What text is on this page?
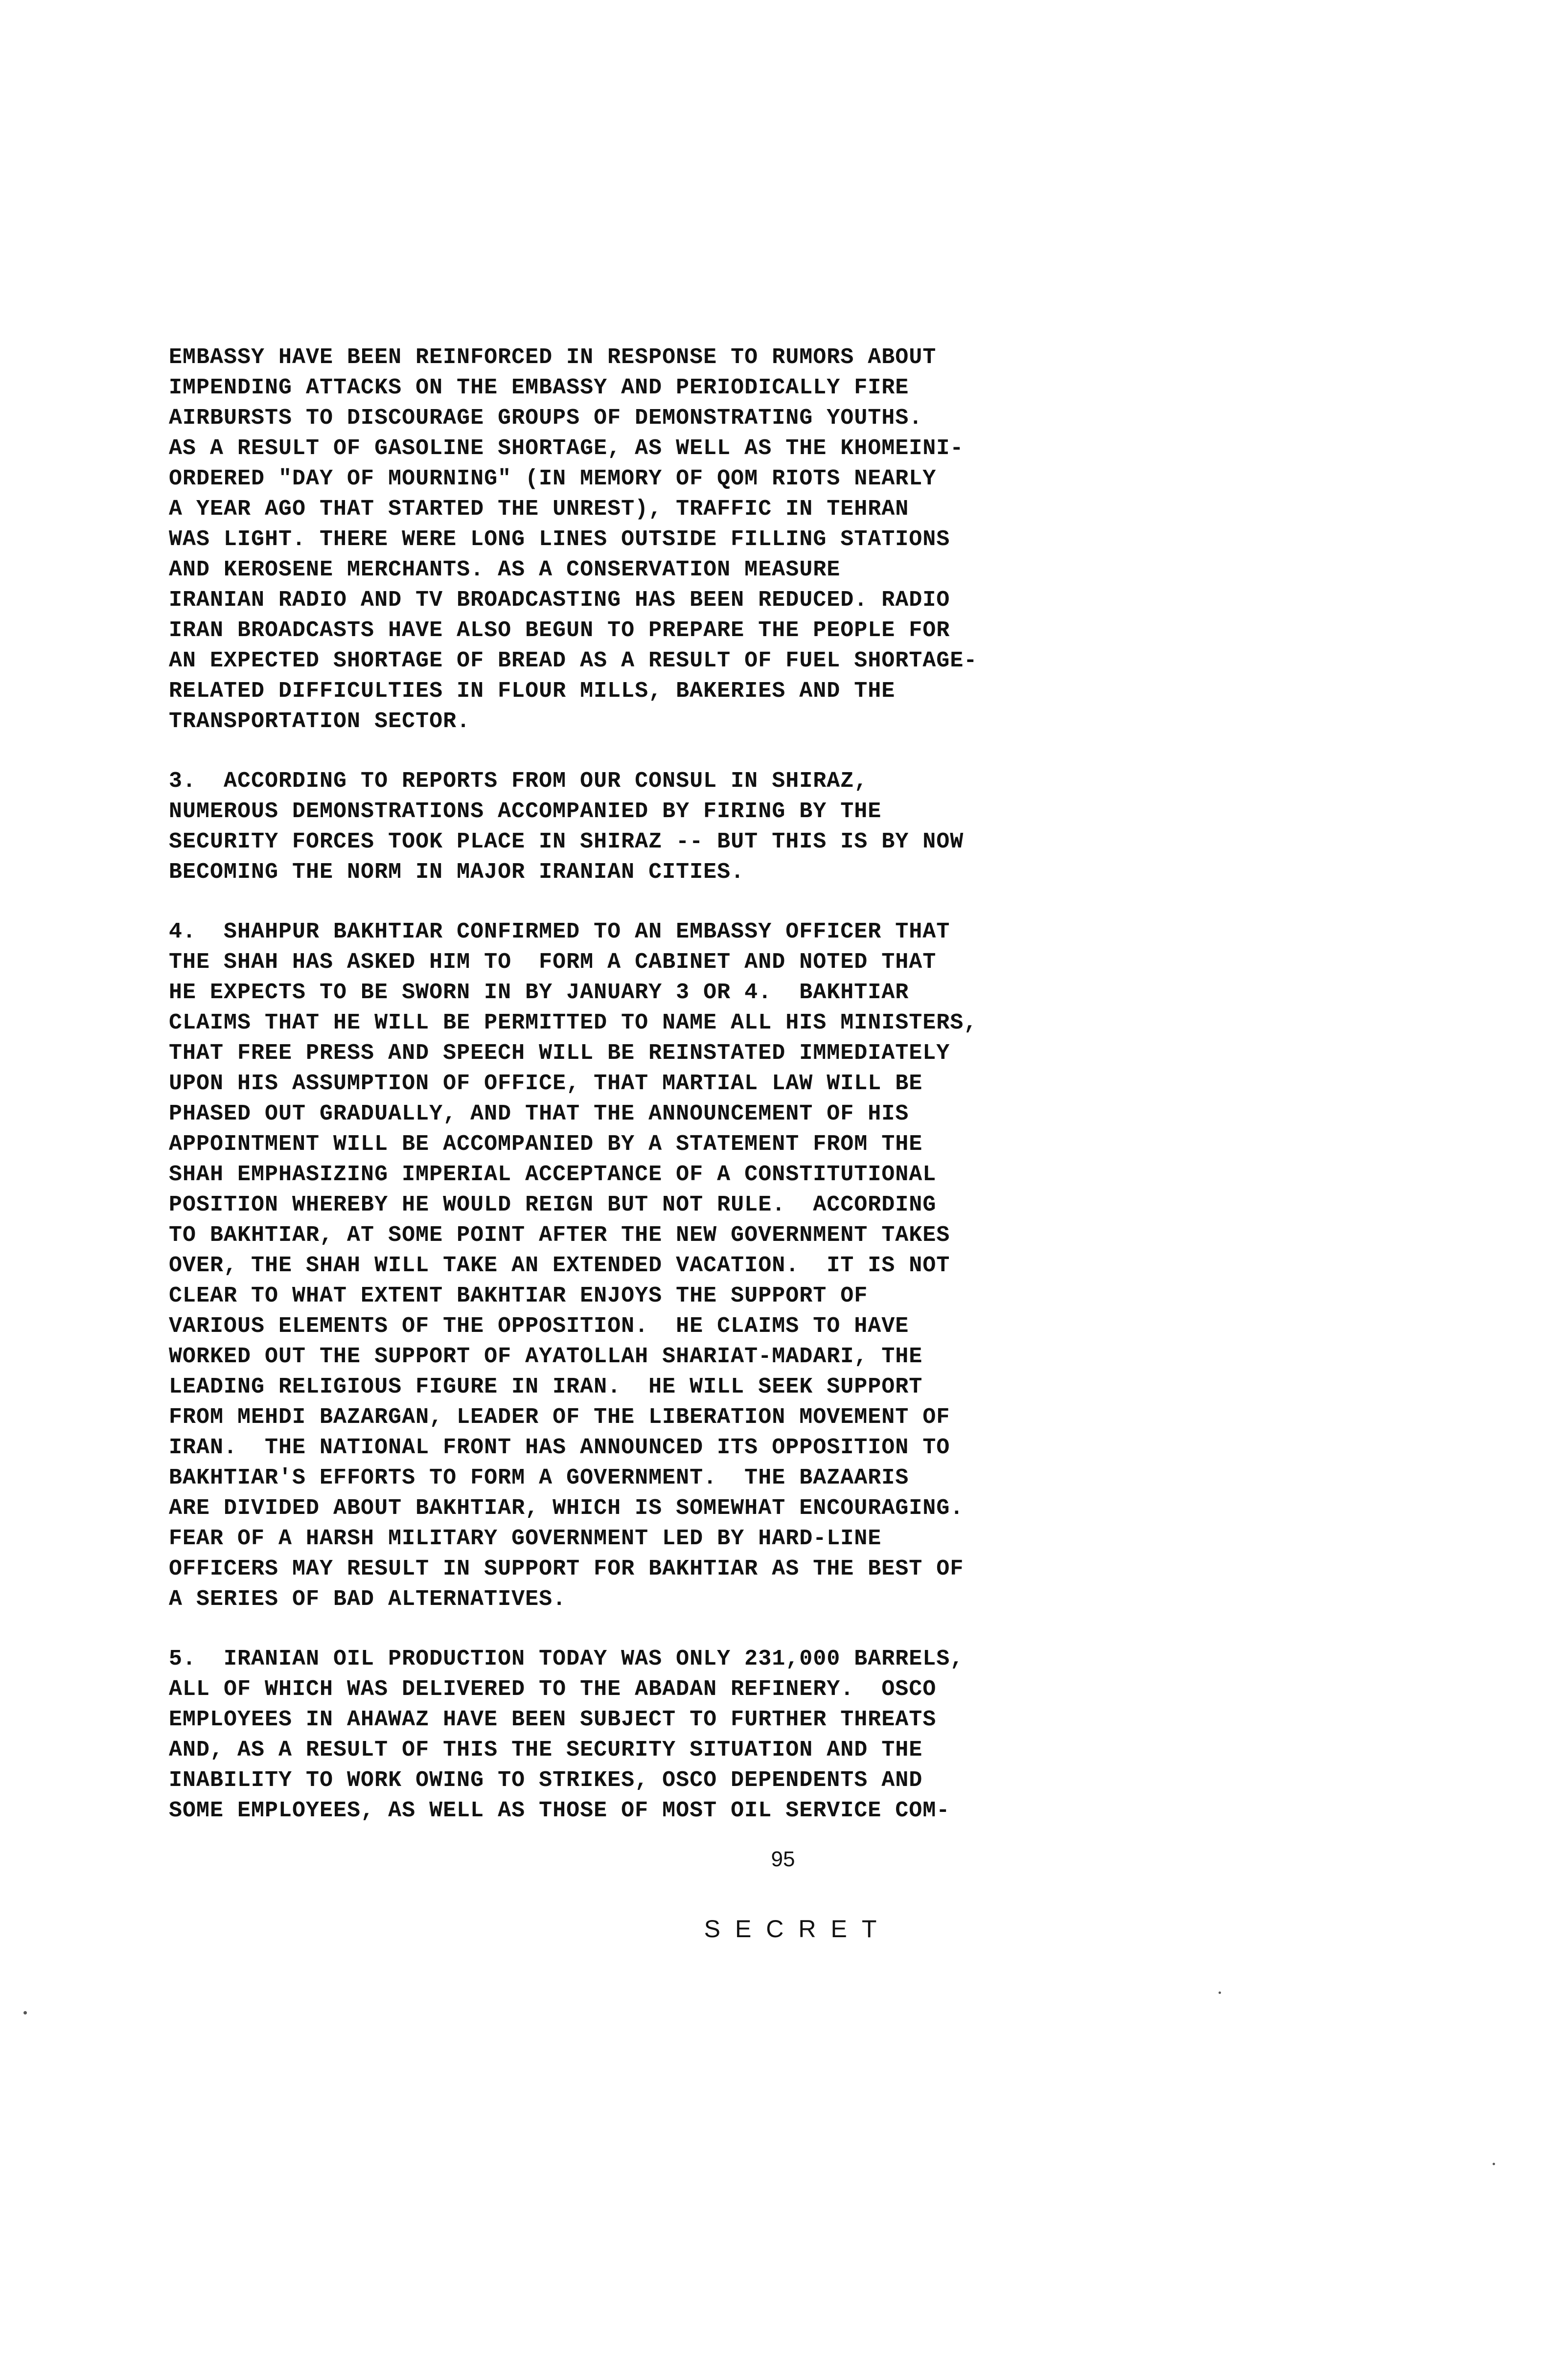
EMBASSY HAVE BEEN REINFORCED IN RESPONSE TO RUMORS ABOUT
IMPENDING ATTACKS ON THE EMBASSY AND PERIODICALLY FIRE
AIRBURSTS TO DISCOURAGE GROUPS OF DEMONSTRATING YOUTHS.
AS A RESULT OF GASOLINE SHORTAGE, AS WELL AS THE KHOMEINI-
ORDERED "DAY OF MOURNING" (IN MEMORY OF QOM RIOTS NEARLY
A YEAR AGO THAT STARTED THE UNREST), TRAFFIC IN TEHRAN
WAS LIGHT. THERE WERE LONG LINES OUTSIDE FILLING STATIONS
AND KEROSENE MERCHANTS. AS A CONSERVATION MEASURE
IRANIAN RADIO AND TV BROADCASTING HAS BEEN REDUCED. RADIO
IRAN BROADCASTS HAVE ALSO BEGUN TO PREPARE THE PEOPLE FOR
AN EXPECTED SHORTAGE OF BREAD AS A RESULT OF FUEL SHORTAGE-
RELATED DIFFICULTIES IN FLOUR MILLS, BAKERIES AND THE
TRANSPORTATION SECTOR.
3.  ACCORDING TO REPORTS FROM OUR CONSUL IN SHIRAZ,
NUMEROUS DEMONSTRATIONS ACCOMPANIED BY FIRING BY THE
SECURITY FORCES TOOK PLACE IN SHIRAZ -- BUT THIS IS BY NOW
BECOMING THE NORM IN MAJOR IRANIAN CITIES.
4.  SHAHPUR BAKHTIAR CONFIRMED TO AN EMBASSY OFFICER THAT
THE SHAH HAS ASKED HIM TO  FORM A CABINET AND NOTED THAT
HE EXPECTS TO BE SWORN IN BY JANUARY 3 OR 4.  BAKHTIAR
CLAIMS THAT HE WILL BE PERMITTED TO NAME ALL HIS MINISTERS,
THAT FREE PRESS AND SPEECH WILL BE REINSTATED IMMEDIATELY
UPON HIS ASSUMPTION OF OFFICE, THAT MARTIAL LAW WILL BE
PHASED OUT GRADUALLY, AND THAT THE ANNOUNCEMENT OF HIS
APPOINTMENT WILL BE ACCOMPANIED BY A STATEMENT FROM THE
SHAH EMPHASIZING IMPERIAL ACCEPTANCE OF A CONSTITUTIONAL
POSITION WHEREBY HE WOULD REIGN BUT NOT RULE.  ACCORDING
TO BAKHTIAR, AT SOME POINT AFTER THE NEW GOVERNMENT TAKES
OVER, THE SHAH WILL TAKE AN EXTENDED VACATION.  IT IS NOT
CLEAR TO WHAT EXTENT BAKHTIAR ENJOYS THE SUPPORT OF
VARIOUS ELEMENTS OF THE OPPOSITION.  HE CLAIMS TO HAVE
WORKED OUT THE SUPPORT OF AYATOLLAH SHARIAT-MADARI, THE
LEADING RELIGIOUS FIGURE IN IRAN.  HE WILL SEEK SUPPORT
FROM MEHDI BAZARGAN, LEADER OF THE LIBERATION MOVEMENT OF
IRAN.  THE NATIONAL FRONT HAS ANNOUNCED ITS OPPOSITION TO
BAKHTIAR'S EFFORTS TO FORM A GOVERNMENT.  THE BAZAARIS
ARE DIVIDED ABOUT BAKHTIAR, WHICH IS SOMEWHAT ENCOURAGING.
FEAR OF A HARSH MILITARY GOVERNMENT LED BY HARD-LINE
OFFICERS MAY RESULT IN SUPPORT FOR BAKHTIAR AS THE BEST OF
A SERIES OF BAD ALTERNATIVES.
5.  IRANIAN OIL PRODUCTION TODAY WAS ONLY 231,000 BARRELS,
ALL OF WHICH WAS DELIVERED TO THE ABADAN REFINERY.  OSCO
EMPLOYEES IN AHAWAZ HAVE BEEN SUBJECT TO FURTHER THREATS
AND, AS A RESULT OF THIS THE SECURITY SITUATION AND THE
INABILITY TO WORK OWING TO STRIKES, OSCO DEPENDENTS AND
SOME EMPLOYEES, AS WELL AS THOSE OF MOST OIL SERVICE COM-
95
SECRET
